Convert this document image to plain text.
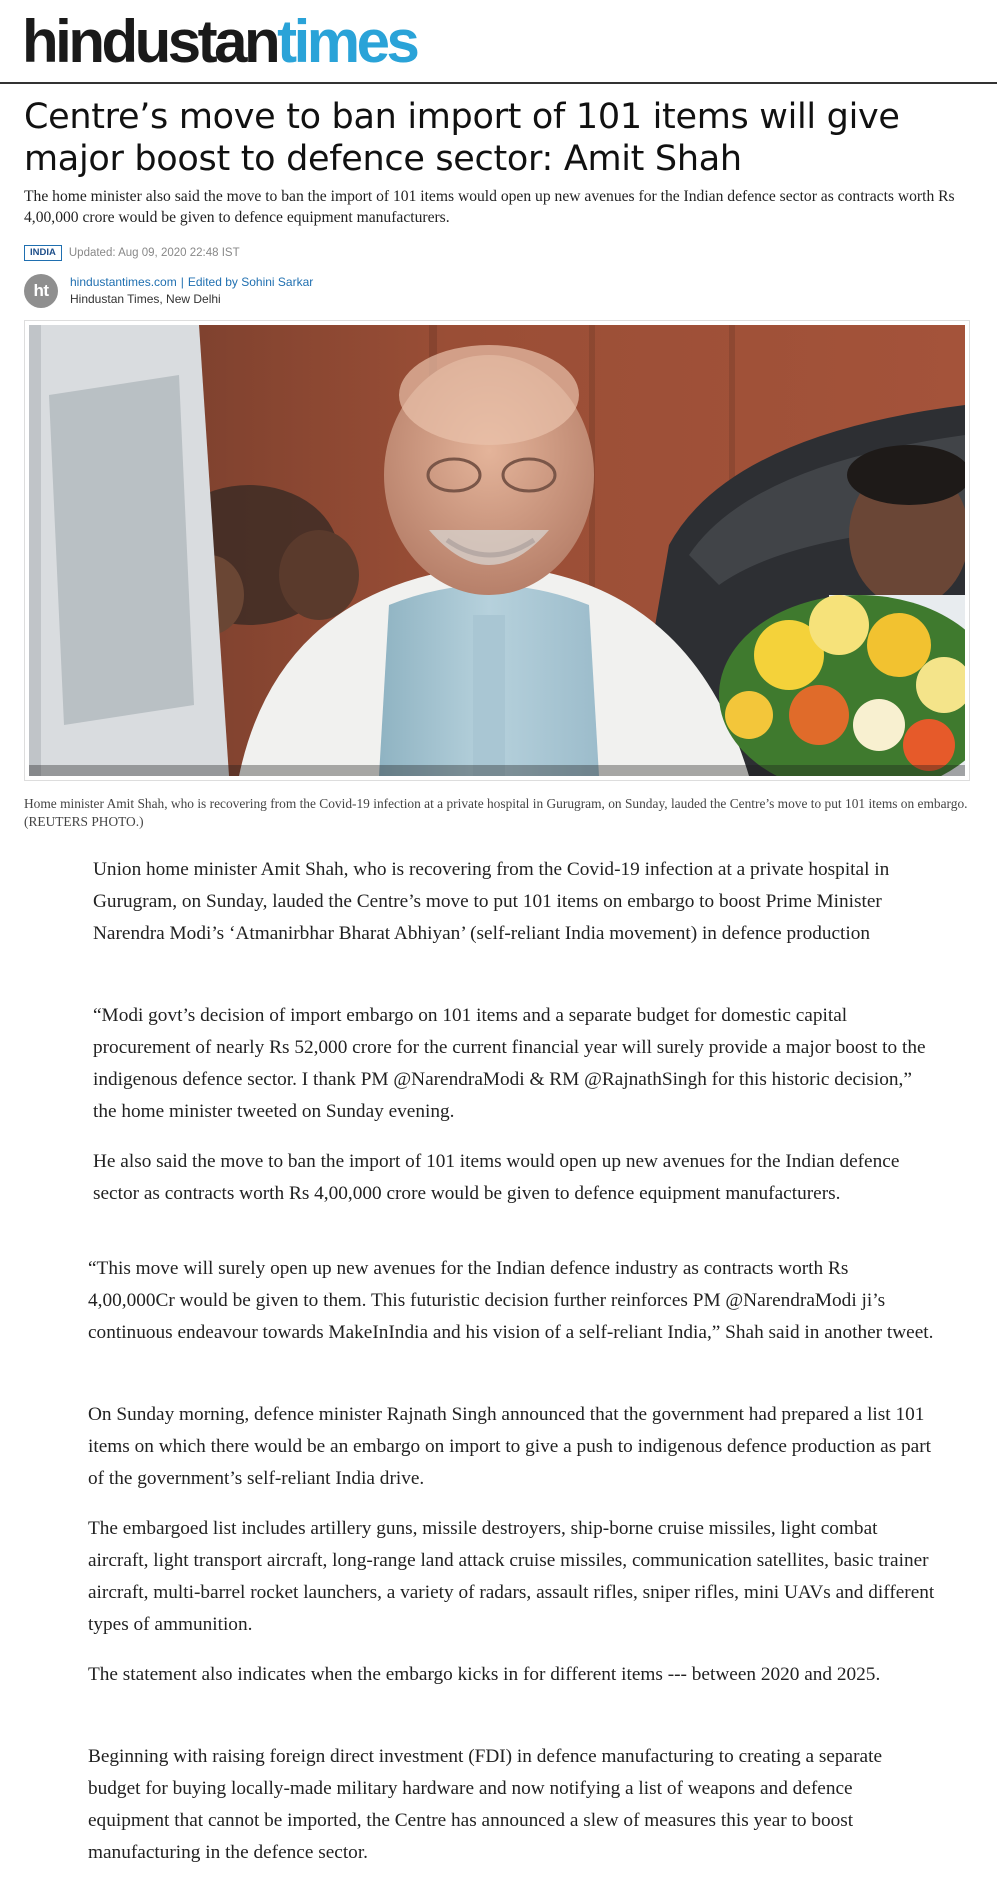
hindustantimes
Centre’s move to ban import of 101 items will give major boost to defence sector: Amit Shah

The home minister also said the move to ban the import of 101 items would open up new avenues for the Indian defence sector as contracts worth Rs 4,00,000 crore would be given to defence equipment manufacturers.

INDIA	Updated: Aug 09, 2020 22:48 IST
ht	hindustantimes.com | Edited by Sohini Sarkar
Hindustan Times, New Delhi

Home minister Amit Shah, who is recovering from the Covid-19 infection at a private hospital in Gurugram, on Sunday, lauded the Centre’s move to put 101 items on embargo.(REUTERS PHOTO.)

Union home minister Amit Shah, who is recovering from the Covid-19 infection at a private hospital in Gurugram, on Sunday, lauded the Centre’s move to put 101 items on embargo to boost Prime Minister Narendra Modi’s ‘Atmanirbhar Bharat Abhiyan’ (self-reliant India movement) in defence production

“Modi govt’s decision of import embargo on 101 items and a separate budget for domestic capital procurement of nearly Rs 52,000 crore for the current financial year will surely provide a major boost to the indigenous defence sector. I thank PM @NarendraModi & RM @RajnathSingh for this historic decision,” the home minister tweeted on Sunday evening.

He also said the move to ban the import of 101 items would open up new avenues for the Indian defence sector as contracts worth Rs 4,00,000 crore would be given to defence equipment manufacturers.

“This move will surely open up new avenues for the Indian defence industry as contracts worth Rs 4,00,000Cr would be given to them. This futuristic decision further reinforces PM @NarendraModi ji’s continuous endeavour towards MakeInIndia and his vision of a self-reliant India,” Shah said in another tweet.

On Sunday morning, defence minister Rajnath Singh announced that the government had prepared a list 101 items on which there would be an embargo on import to give a push to indigenous defence production as part of the government’s self-reliant India drive.

The embargoed list includes artillery guns, missile destroyers, ship-borne cruise missiles, light combat aircraft, light transport aircraft, long-range land attack cruise missiles, communication satellites, basic trainer aircraft, multi-barrel rocket launchers, a variety of radars, assault rifles, sniper rifles, mini UAVs and different types of ammunition.

The statement also indicates when the embargo kicks in for different items --- between 2020 and 2025.

Beginning with raising foreign direct investment (FDI) in defence manufacturing to creating a separate budget for buying locally-made military hardware and now notifying a list of weapons and defence equipment that cannot be imported, the Centre has announced a slew of measures this year to boost manufacturing in the defence sector.
